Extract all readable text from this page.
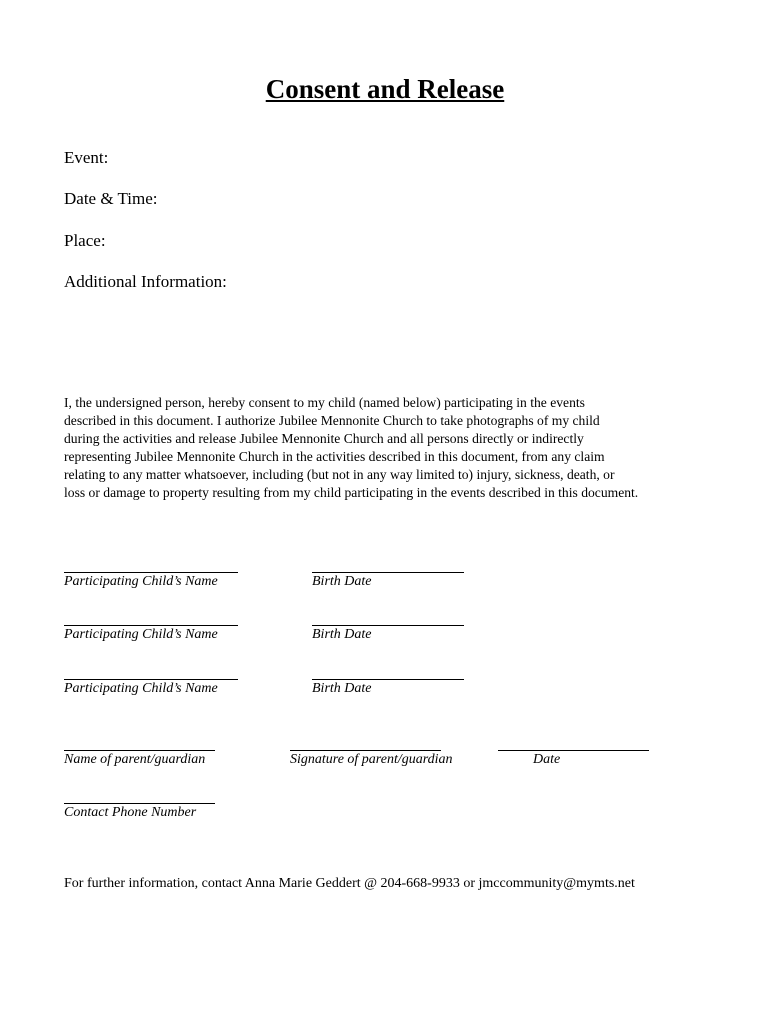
Consent and Release
Event:
Date & Time:
Place:
Additional Information:
I, the undersigned person, hereby consent to my child (named below) participating in the events
described in this document. I authorize Jubilee Mennonite Church to take photographs of my child
during the activities and release Jubilee Mennonite Church and all persons directly or indirectly
representing Jubilee Mennonite Church in the activities described in this document, from any claim
relating to any matter whatsoever, including (but not in any way limited to) injury, sickness, death, or
loss or damage to property resulting from my child participating in the events described in this document.
Participating Child’s Name	Birth Date
Participating Child’s Name	Birth Date
Participating Child’s Name	Birth Date
Name of parent/guardian	Signature of parent/guardian	Date
Contact Phone Number
For further information, contact Anna Marie Geddert @ 204-668-9933 or jmccommunity@mymts.net
